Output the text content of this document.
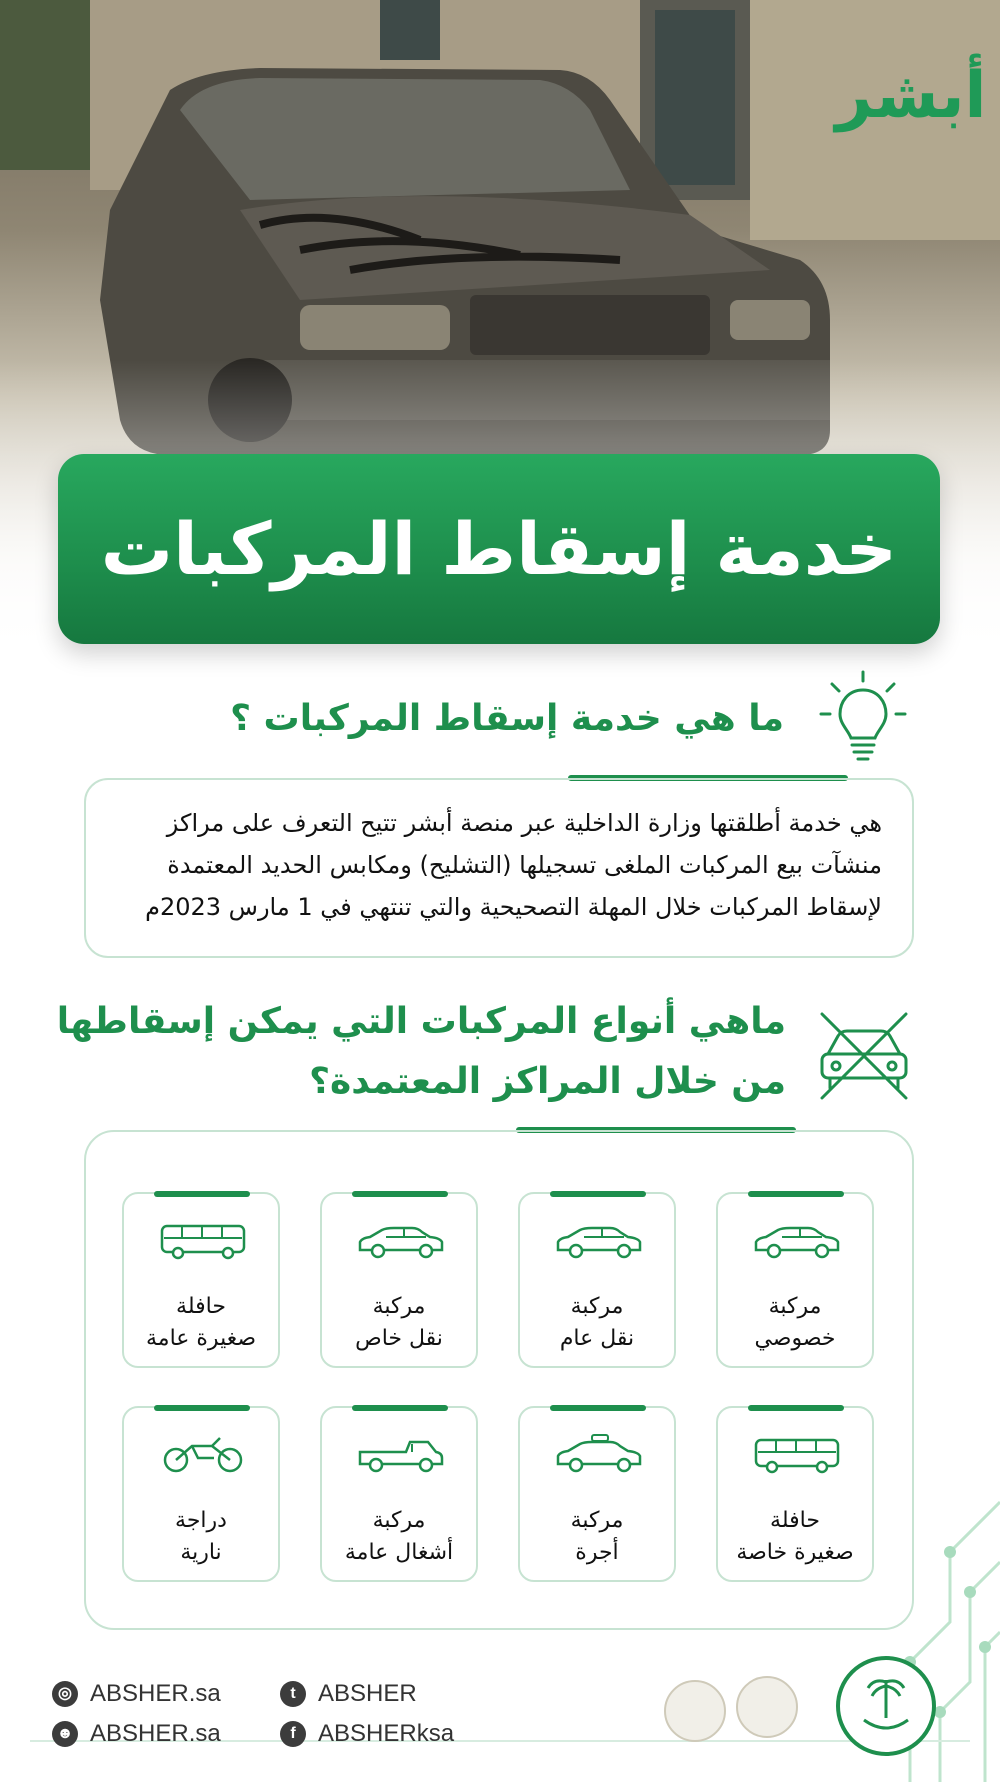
أبشر
خدمة إسقاط المركبات
ما هي خدمة إسقاط المركبات ؟
هي خدمة أطلقتها وزارة الداخلية عبر منصة أبشر تتيح التعرف على مراكز
منشآت بيع المركبات الملغى تسجيلها (التشليح) ومكابس الحديد المعتمدة
لإسقاط المركبات خلال المهلة التصحيحية والتي تنتهي في 1 مارس 2023م
ماهي أنواع المركبات التي يمكن إسقاطها
من خلال المراكز المعتمدة؟
مركبة
خصوصي
مركبة
نقل عام
مركبة
نقل خاص
حافلة
صغيرة عامة
حافلة
صغيرة خاصة
مركبة
أجرة
مركبة
أشغال عامة
دراجة
نارية
◎ ABSHER.sa
☻ ABSHER.sa
t ABSHER
f ABSHERksa
